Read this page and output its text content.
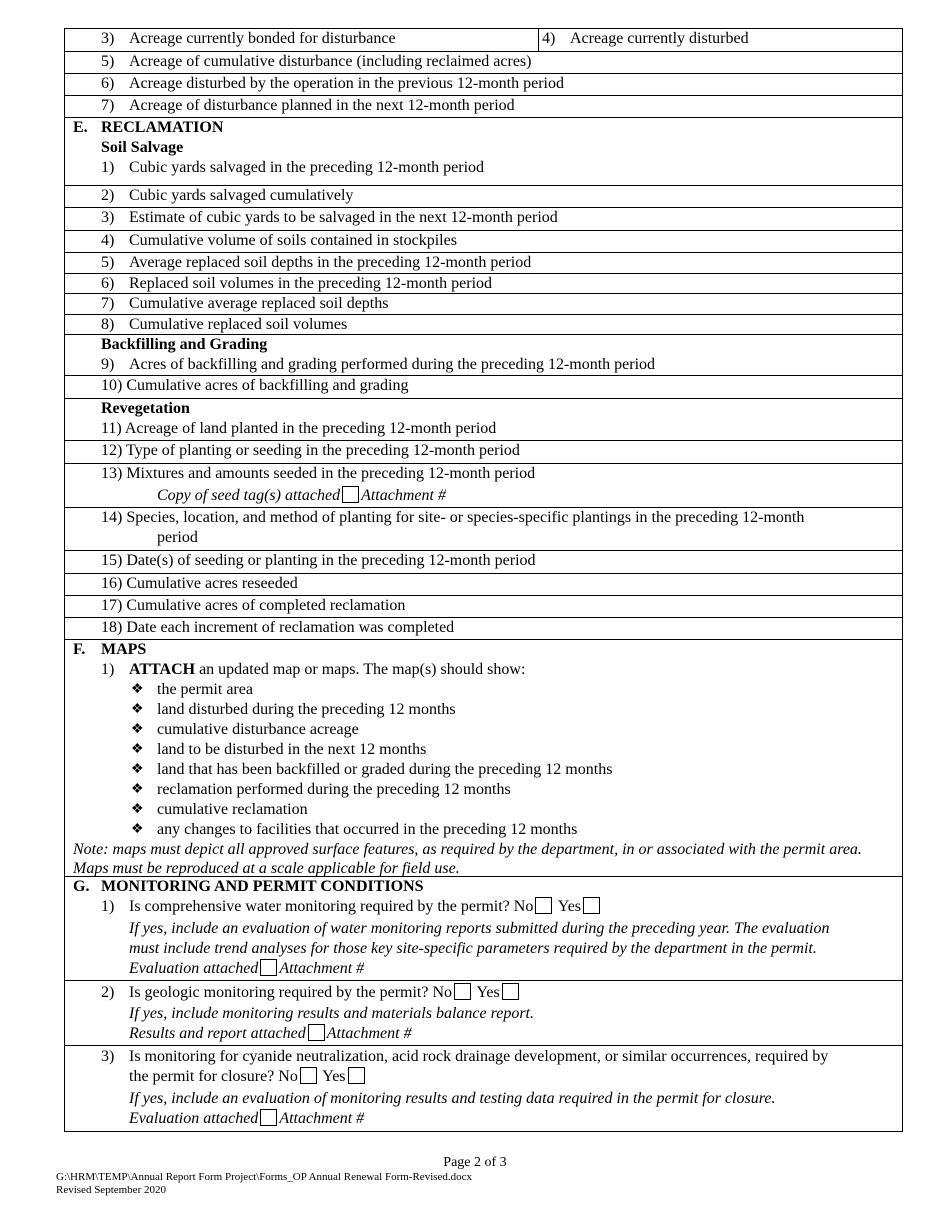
3) Acreage currently bonded for disturbance	4) Acreage currently disturbed
5) Acreage of cumulative disturbance (including reclaimed acres)
6) Acreage disturbed by the operation in the previous 12-month period
7) Acreage of disturbance planned in the next 12-month period
E. RECLAMATION
Soil Salvage
1) Cubic yards salvaged in the preceding 12-month period
2) Cubic yards salvaged cumulatively
3) Estimate of cubic yards to be salvaged in the next 12-month period
4) Cumulative volume of soils contained in stockpiles
5) Average replaced soil depths in the preceding 12-month period
6) Replaced soil volumes in the preceding 12-month period
7) Cumulative average replaced soil depths
8) Cumulative replaced soil volumes
Backfilling and Grading
9) Acres of backfilling and grading performed during the preceding 12-month period
10) Cumulative acres of backfilling and grading
Revegetation
11) Acreage of land planted in the preceding 12-month period
12) Type of planting or seeding in the preceding 12-month period
13) Mixtures and amounts seeded in the preceding 12-month period
Copy of seed tag(s) attached Attachment #
14) Species, location, and method of planting for site- or species-specific plantings in the preceding 12-month
period
15) Date(s) of seeding or planting in the preceding 12-month period
16) Cumulative acres reseeded
17) Cumulative acres of completed reclamation
18) Date each increment of reclamation was completed
F. MAPS
1) ATTACH an updated map or maps. The map(s) should show:
❖ the permit area
❖ land disturbed during the preceding 12 months
❖ cumulative disturbance acreage
❖ land to be disturbed in the next 12 months
❖ land that has been backfilled or graded during the preceding 12 months
❖ reclamation performed during the preceding 12 months
❖ cumulative reclamation
❖ any changes to facilities that occurred in the preceding 12 months
Note: maps must depict all approved surface features, as required by the department, in or associated with the permit area. Maps must be reproduced at a scale applicable for field use.
G. MONITORING AND PERMIT CONDITIONS
1) Is comprehensive water monitoring required by the permit? No Yes
If yes, include an evaluation of water monitoring reports submitted during the preceding year. The evaluation
must include trend analyses for those key site-specific parameters required by the department in the permit.
Evaluation attached Attachment #
2) Is geologic monitoring required by the permit? No Yes
If yes, include monitoring results and materials balance report.
Results and report attached Attachment #
3) Is monitoring for cyanide neutralization, acid rock drainage development, or similar occurrences, required by
the permit for closure? No Yes
If yes, include an evaluation of monitoring results and testing data required in the permit for closure.
Evaluation attached Attachment #
Page 2 of 3
G:\HRM\TEMP\Annual Report Form Project\Forms_OP Annual Renewal Form-Revised.docx
Revised September 2020
